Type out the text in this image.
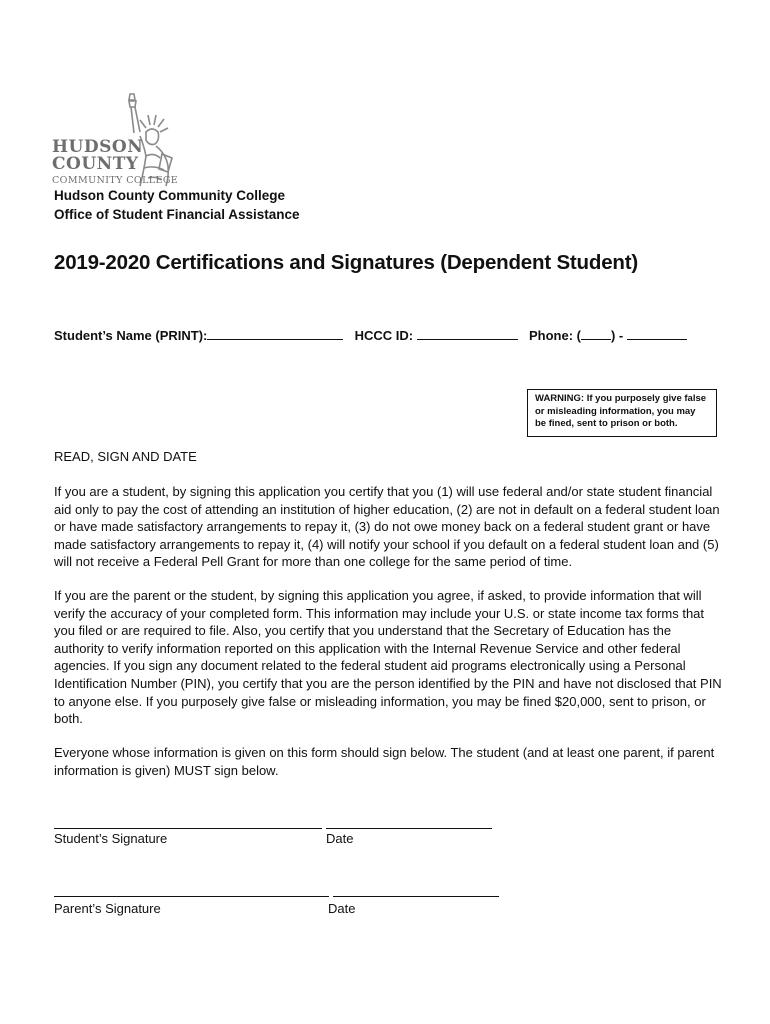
HUDSON
COUNTY
COMMUNITY COLLEGE
Hudson County Community College
Office of Student Financial Assistance
2019-2020 Certifications and Signatures (Dependent Student)
Student’s Name (PRINT):	HCCC ID:	Phone: ( ) -
WARNING: If you purposely give false or misleading information, you may be fined, sent to prison or both.
READ, SIGN AND DATE

If you are a student, by signing this application you certify that you (1) will use federal and/or state student financial aid only to pay the cost of attending an institution of higher education, (2) are not in default on a federal student loan or have made satisfactory arrangements to repay it, (3) do not owe money back on a federal student grant or have made satisfactory arrangements to repay it, (4) will notify your school if you default on a federal student loan and (5) will not receive a Federal Pell Grant for more than one college for the same period of time.

If you are the parent or the student, by signing this application you agree, if asked, to provide information that will verify the accuracy of your completed form. This information may include your U.S. or state income tax forms that you filed or are required to file. Also, you certify that you understand that the Secretary of Education has the authority to verify information reported on this application with the Internal Revenue Service and other federal agencies. If you sign any document related to the federal student aid programs electronically using a Personal Identification Number (PIN), you certify that you are the person identified by the PIN and have not disclosed that PIN to anyone else. If you purposely give false or misleading information, you may be fined $20,000, sent to prison, or both.

Everyone whose information is given on this form should sign below. The student (and at least one parent, if parent information is given) MUST sign below.

Student’s Signature	Date
Parent’s Signature	Date
